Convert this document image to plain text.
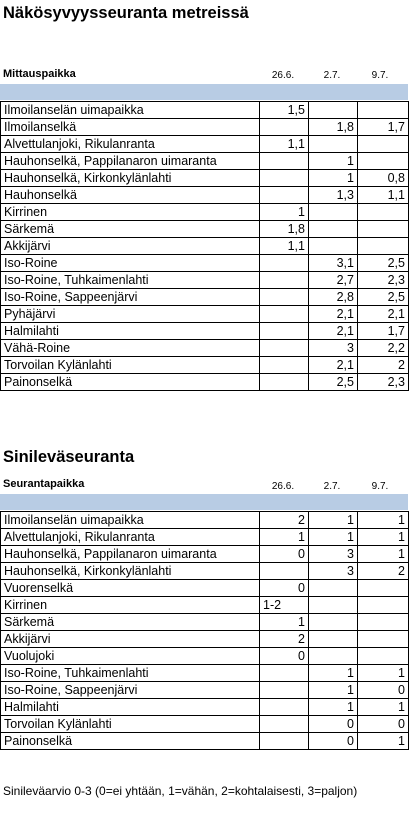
Näkösyvyysseuranta metreissä
Mittauspaikka	26.6.	2.7.	9.7.
Ilmoilanselän uimapaikka	1,5		
Ilmoilanselkä		1,8	1,7
Alvettulanjoki, Rikulanranta	1,1		
Hauhonselkä, Pappilanaron uimaranta		1	
Hauhonselkä, Kirkonkylänlahti		1	0,8
Hauhonselkä		1,3	1,1
Kirrinen	1		
Särkemä	1,8		
Akkijärvi	1,1		
Iso-Roine		3,1	2,5
Iso-Roine, Tuhkaimenlahti		2,7	2,3
Iso-Roine, Sappeenjärvi		2,8	2,5
Pyhäjärvi		2,1	2,1
Halmilahti		2,1	1,7
Vähä-Roine		3	2,2
Torvoilan Kylänlahti		2,1	2
Painonselkä		2,5	2,3
Sinileväseuranta
Seurantapaikka	26.6.	2.7.	9.7.
Ilmoilanselän uimapaikka	2	1	1
Alvettulanjoki, Rikulanranta	1	1	1
Hauhonselkä, Pappilanaron uimaranta	0	3	1
Hauhonselkä, Kirkonkylänlahti		3	2
Vuorenselkä	0		
Kirrinen	1-2		
Särkemä	1		
Akkijärvi	2		
Vuolujoki	0		
Iso-Roine, Tuhkaimenlahti		1	1
Iso-Roine, Sappeenjärvi		1	0
Halmilahti		1	1
Torvoilan Kylänlahti		0	0
Painonselkä		0	1
Sinileväarvio 0-3 (0=ei yhtään, 1=vähän, 2=kohtalaisesti, 3=paljon)
